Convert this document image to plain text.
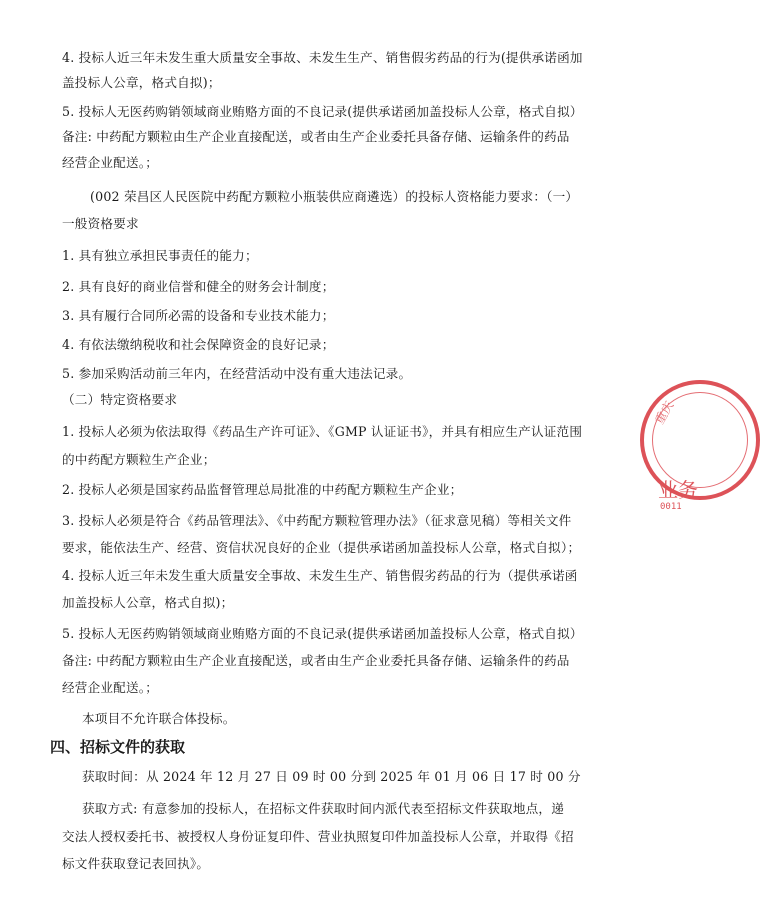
4. 投标人近三年未发生重大质量安全事故、未发生生产、销售假劣药品的行为(提供承诺函加
盖投标人公章，格式自拟)；
5. 投标人无医药购销领域商业贿赂方面的不良记录(提供承诺函加盖投标人公章，格式自拟）
备注: 中药配方颗粒由生产企业直接配送，或者由生产企业委托具备存储、运输条件的药品
经营企业配送。；
(002 荣昌区人民医院中药配方颗粒小瓶装供应商遴选）的投标人资格能力要求：（一）
一般资格要求
1. 具有独立承担民事责任的能力；
2. 具有良好的商业信誉和健全的财务会计制度；
3. 具有履行合同所必需的设备和专业技术能力；
4. 有依法缴纳税收和社会保障资金的良好记录；
5. 参加采购活动前三年内，在经营活动中没有重大违法记录。
（二）特定资格要求
1. 投标人必须为依法取得《药品生产许可证》、《GMP 认证证书》，并具有相应生产认证范围
的中药配方颗粒生产企业；
2. 投标人必须是国家药品监督管理总局批准的中药配方颗粒生产企业；
3. 投标人必须是符合《药品管理法》、《中药配方颗粒管理办法》（征求意见稿）等相关文件
要求，能依法生产、经营、资信状况良好的企业（提供承诺函加盖投标人公章，格式自拟）；
4. 投标人近三年未发生重大质量安全事故、未发生生产、销售假劣药品的行为（提供承诺函
加盖投标人公章，格式自拟)；
5. 投标人无医药购销领域商业贿赂方面的不良记录(提供承诺函加盖投标人公章，格式自拟）
备注: 中药配方颗粒由生产企业直接配送，或者由生产企业委托具备存储、运输条件的药品
经营企业配送。；
本项目不允许联合体投标。
四、招标文件的获取
获取时间：从 2024 年 12 月 27 日 09 时 00 分到 2025 年 01 月 06 日 17 时 00 分
获取方式: 有意参加的投标人，在招标文件获取时间内派代表至招标文件获取地点，递
交法人授权委托书、被授权人身份证复印件、营业执照复印件加盖投标人公章，并取得《招
标文件获取登记表回执》。
重庆
业务
0011
